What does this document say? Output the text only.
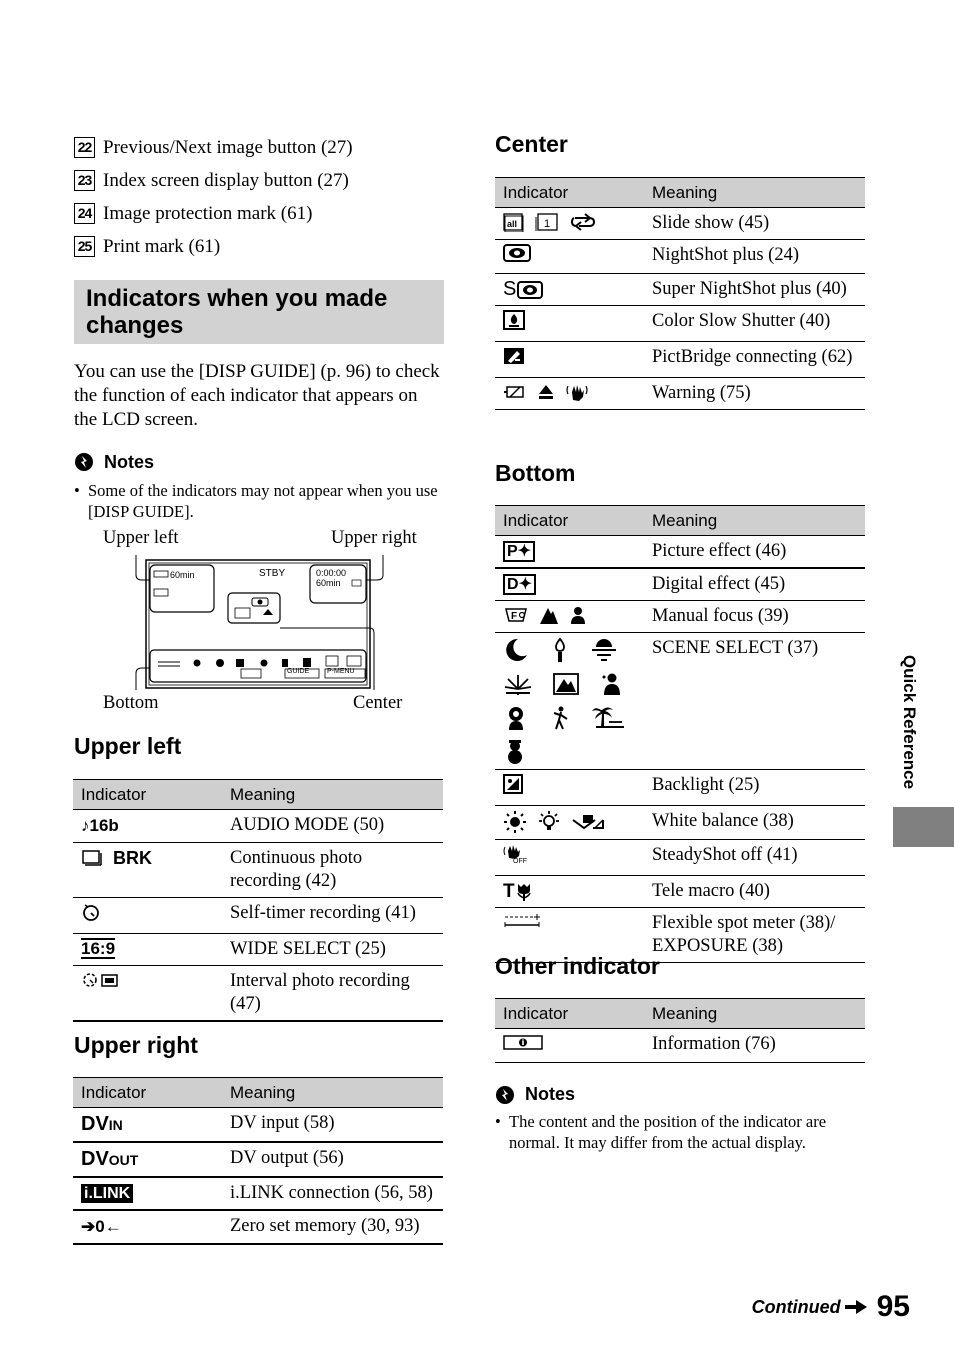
22 Previous/Next image button (27)
23 Index screen display button (27)
24 Image protection mark (61)
25 Print mark (61)
Indicators when you made changes

You can use the [DISP GUIDE] (p. 96) to check the function of each indicator that appears on the LCD screen.

Notes

• Some of the indicators may not appear when you use [DISP GUIDE].

Upper left	Upper right
Bottom	Center
60min	STBY	0:00:00
60min
GUIDE	P-MENU
Upper left
Indicator	Meaning
♪16b	AUDIO MODE (50)

BRK	Continuous photo recording (42)
	Self-timer recording (41)
16:9	WIDE SELECT (25)
	Interval photo recording (47)
Upper right
Indicator	Meaning
DVIN	DV input (58)
DVOUT	DV output (56)
i.LINK	i.LINK connection (56, 58)
➔0←	Zero set memory (30, 93)
Center
Indicator	Meaning

all 1	Slide show (45)
	NightShot plus (24)

S	Super NightShot plus (40)
	Color Slow Shutter (40)
	PictBridge connecting (62)

	Warning (75)
Bottom
Indicator	Meaning
P✦	Picture effect (46)
D✦	Digital effect (45)

F	Manual focus (39)

	SCENE SELECT (37)
	Backlight (25)

	White balance (38)

OFF	SteadyShot off (41)

T	Tele macro (40)
	Flexible spot meter (38)/ EXPOSURE (38)
Other indicator
Indicator	Meaning
	Information (76)
Notes

• The content and the position of the indicator are normal. It may differ from the actual display.

Quick Reference
Continued 95
